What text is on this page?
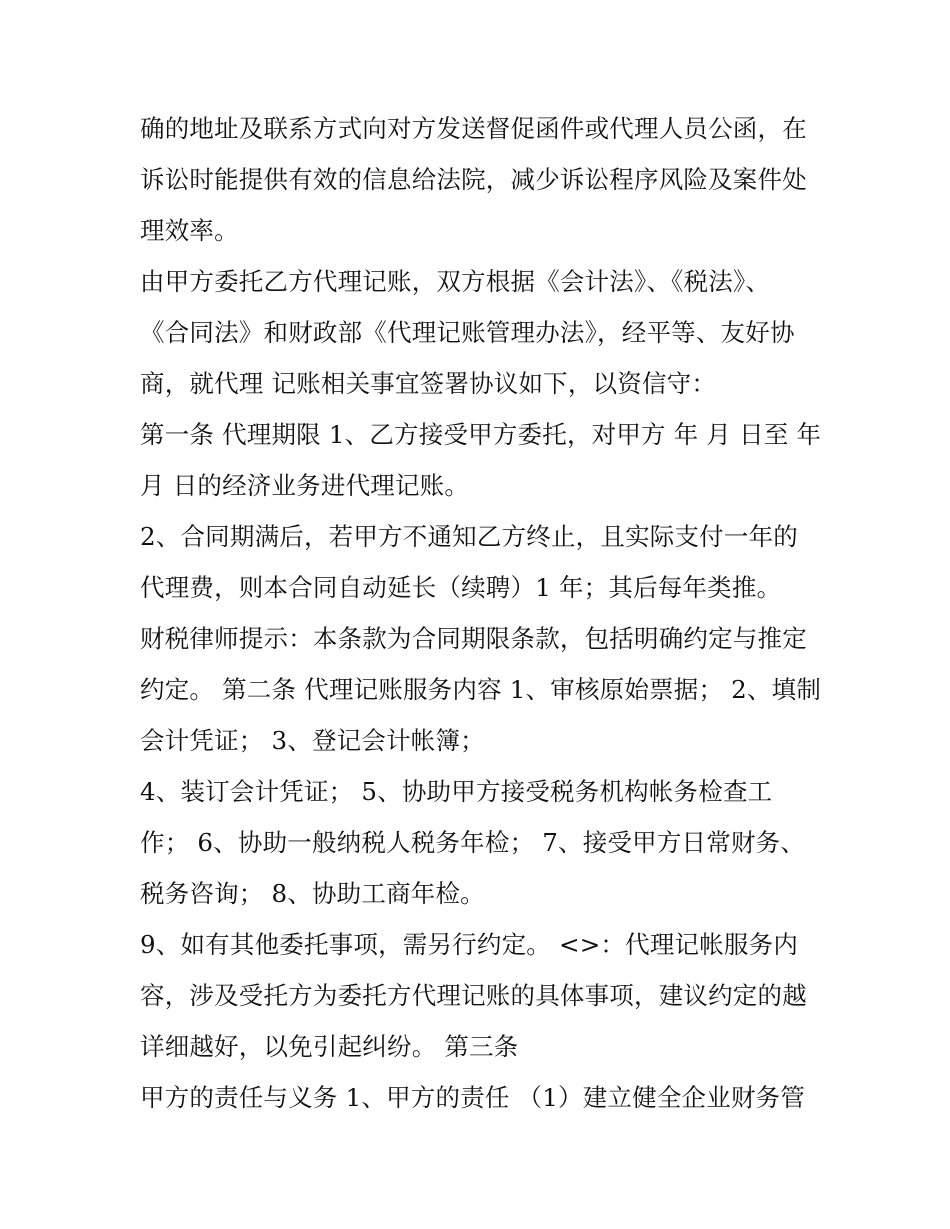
确的地址及联系方式向对方发送督促函件或代理人员公函，在
诉讼时能提供有效的信息给法院，减少诉讼程序风险及案件处
理效率。
由甲方委托乙方代理记账，双方根据《会计法》、《税法》、
《合同法》和财政部《代理记账管理办法》，经平等、友好协
商，就代理 记账相关事宜签署协议如下，以资信守：
第一条 代理期限 1、乙方接受甲方委托，对甲方 年 月 日至 年
月 日的经济业务进代理记账。
2、合同期满后，若甲方不通知乙方终止，且实际支付一年的
代理费，则本合同自动延长（续聘）1 年；其后每年类推。
财税律师提示：本条款为合同期限条款，包括明确约定与推定
约定。 第二条 代理记账服务内容 1、审核原始票据； 2、填制
会计凭证； 3、登记会计帐簿；
4、装订会计凭证； 5、协助甲方接受税务机构帐务检查工
作； 6、协助一般纳税人税务年检； 7、接受甲方日常财务、
税务咨询； 8、协助工商年检。
9、如有其他委托事项，需另行约定。 <>：代理记帐服务内
容，涉及受托方为委托方代理记账的具体事项，建议约定的越
详细越好，以免引起纠纷。 第三条
甲方的责任与义务 1、甲方的责任 （1）建立健全企业财务管
